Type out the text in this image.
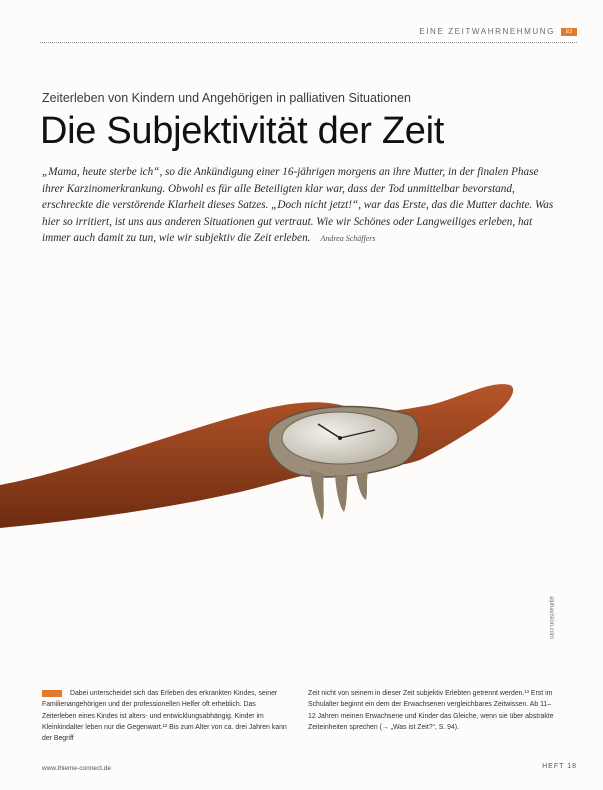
EINE ZEITWAHRNEHMUNG	E3
Zeiterleben von Kindern und Angehörigen in palliativen Situationen
Die Subjektivität der Zeit

„Mama, heute sterbe ich“, so die Ankündigung einer 16-jährigen morgens an ihre Mutter, in der finalen Phase ihrer Karzinomerkrankung. Obwohl es für alle Beteiligten klar war, dass der Tod unmittelbar bevorstand, erschreckte die verstörende Klarheit dieses Satzes. „Doch nicht jetzt!“, war das Erste, das die Mutter dachte. Was hier so irritiert, ist uns aus anderen Situationen gut vertraut. Wie wir Schönes oder Langweiliges erleben, hat immer auch damit zu tun, wie wir subjektiv die Zeit erleben. Andrea Schäffers

alphavision.com
Dabei unterscheidet sich das Erleben des erkrankten Kindes, seiner Familienangehörigen und der professionellen Helfer oft erheblich. Das Zeiterleben eines Kindes ist alters- und entwicklungsabhängig. Kinder im Kleinkindalter leben nur die Gegenwart.¹² Bis zum Alter von ca. drei Jahren kann der Begriff
Zeit nicht von seinem in dieser Zeit subjektiv Erlebten getrennt werden.¹³ Erst im Schulalter beginnt ein dem der Erwachsenen vergleichbares Zeitwissen. Ab 11–12 Jahren meinen Erwachsene und Kinder das Gleiche, wenn sie über abstrakte Zeiteinheiten sprechen (→ „Was ist Zeit?“, S. 94).
www.thieme-connect.de	HEFT 18
